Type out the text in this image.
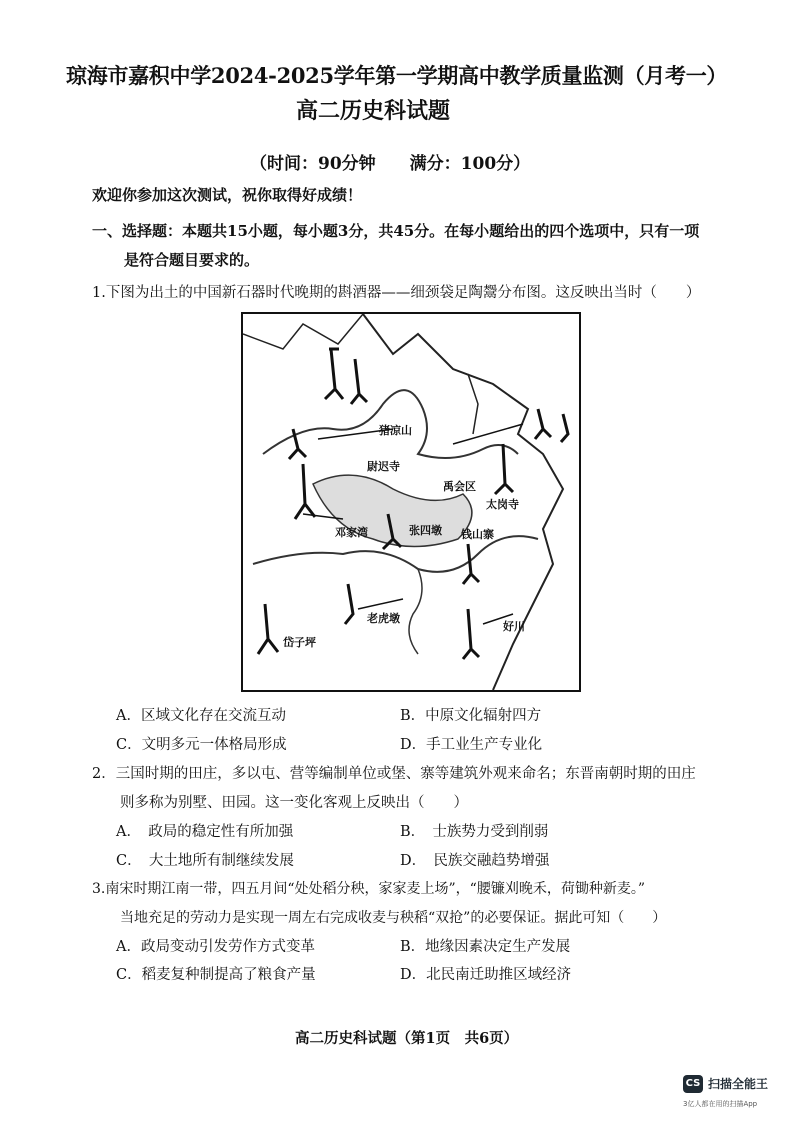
琼海市嘉积中学2024-2025学年第一学期高中教学质量监测（月考一）
高二历史科试题
（时间：90分钟　　满分：100分）
欢迎你参加这次测试，祝你取得好成绩！
一、选择题：本题共15小题，每小题3分，共45分。在每小题给出的四个选项中，只有一项
是符合题目要求的。
1.下图为出土的中国新石器时代晚期的斟酒器——细颈袋足陶鬶分布图。这反映出当时（　　）
猪凉山
尉迟寺
禹会区
太岗寺
邓家湾	张四墩 钱山寨
老虎墩
岱子坪
好川
A．区域文化存在交流互动	B．中原文化辐射四方
C．文明多元一体格局形成	D．手工业生产专业化
2．三国时期的田庄，多以屯、营等编制单位或堡、寨等建筑外观来命名；东晋南朝时期的田庄
则多称为别墅、田园。这一变化客观上反映出（　　）
A．　政局的稳定性有所加强	B．　士族势力受到削弱
C．　大土地所有制继续发展	D．　民族交融趋势增强
3.南宋时期江南一带，四五月间“处处稻分秧，家家麦上场”，“腰镰刈晚禾，荷锄种新麦。”
当地充足的劳动力是实现一周左右完成收麦与秧稻“双抢”的必要保证。据此可知（　　）
A．政局变动引发劳作方式变革	B．地缘因素决定生产发展
C．稻麦复种制提高了粮食产量	D．北民南迁助推区域经济
高二历史科试题（第1页　共6页）
CS 扫描全能王
3亿人都在用的扫描App
